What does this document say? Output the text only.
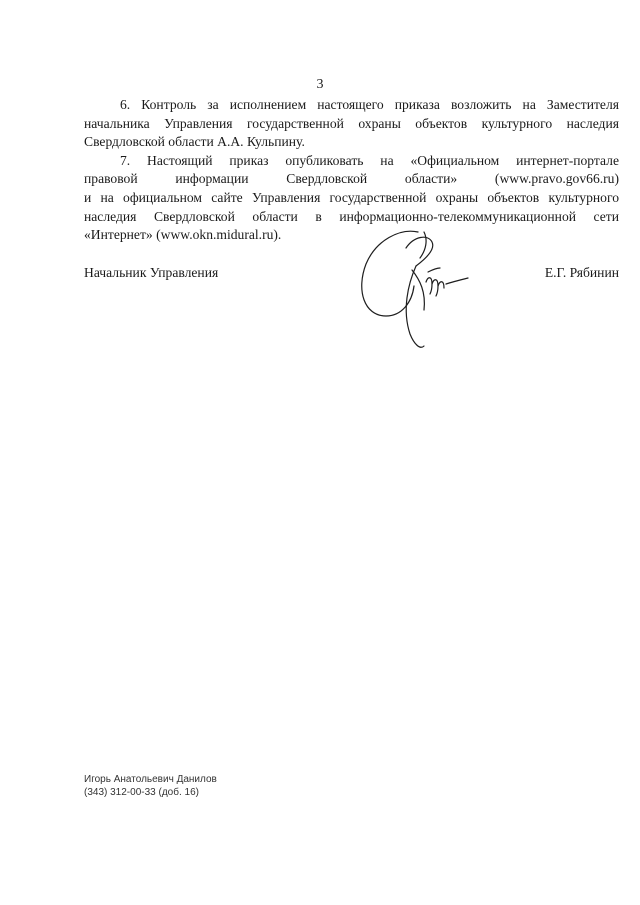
3

6. Контроль за исполнением настоящего приказа возложить на Заместителя
начальника Управления государственной охраны объектов культурного наследия
Свердловской области А.А. Кульпину.

7. Настоящий приказ опубликовать на «Официальном интернет-портале
правовой информации Свердловской области» (www.pravo.gov66.ru)
и на официальном сайте Управления государственной охраны объектов культурного
наследия Свердловской области в информационно-телекоммуникационной сети
«Интернет» (www.okn.midural.ru).

Начальник Управления	Е.Г. Рябинин
Игорь Анатольевич Данилов
(343) 312-00-33 (доб. 16)
